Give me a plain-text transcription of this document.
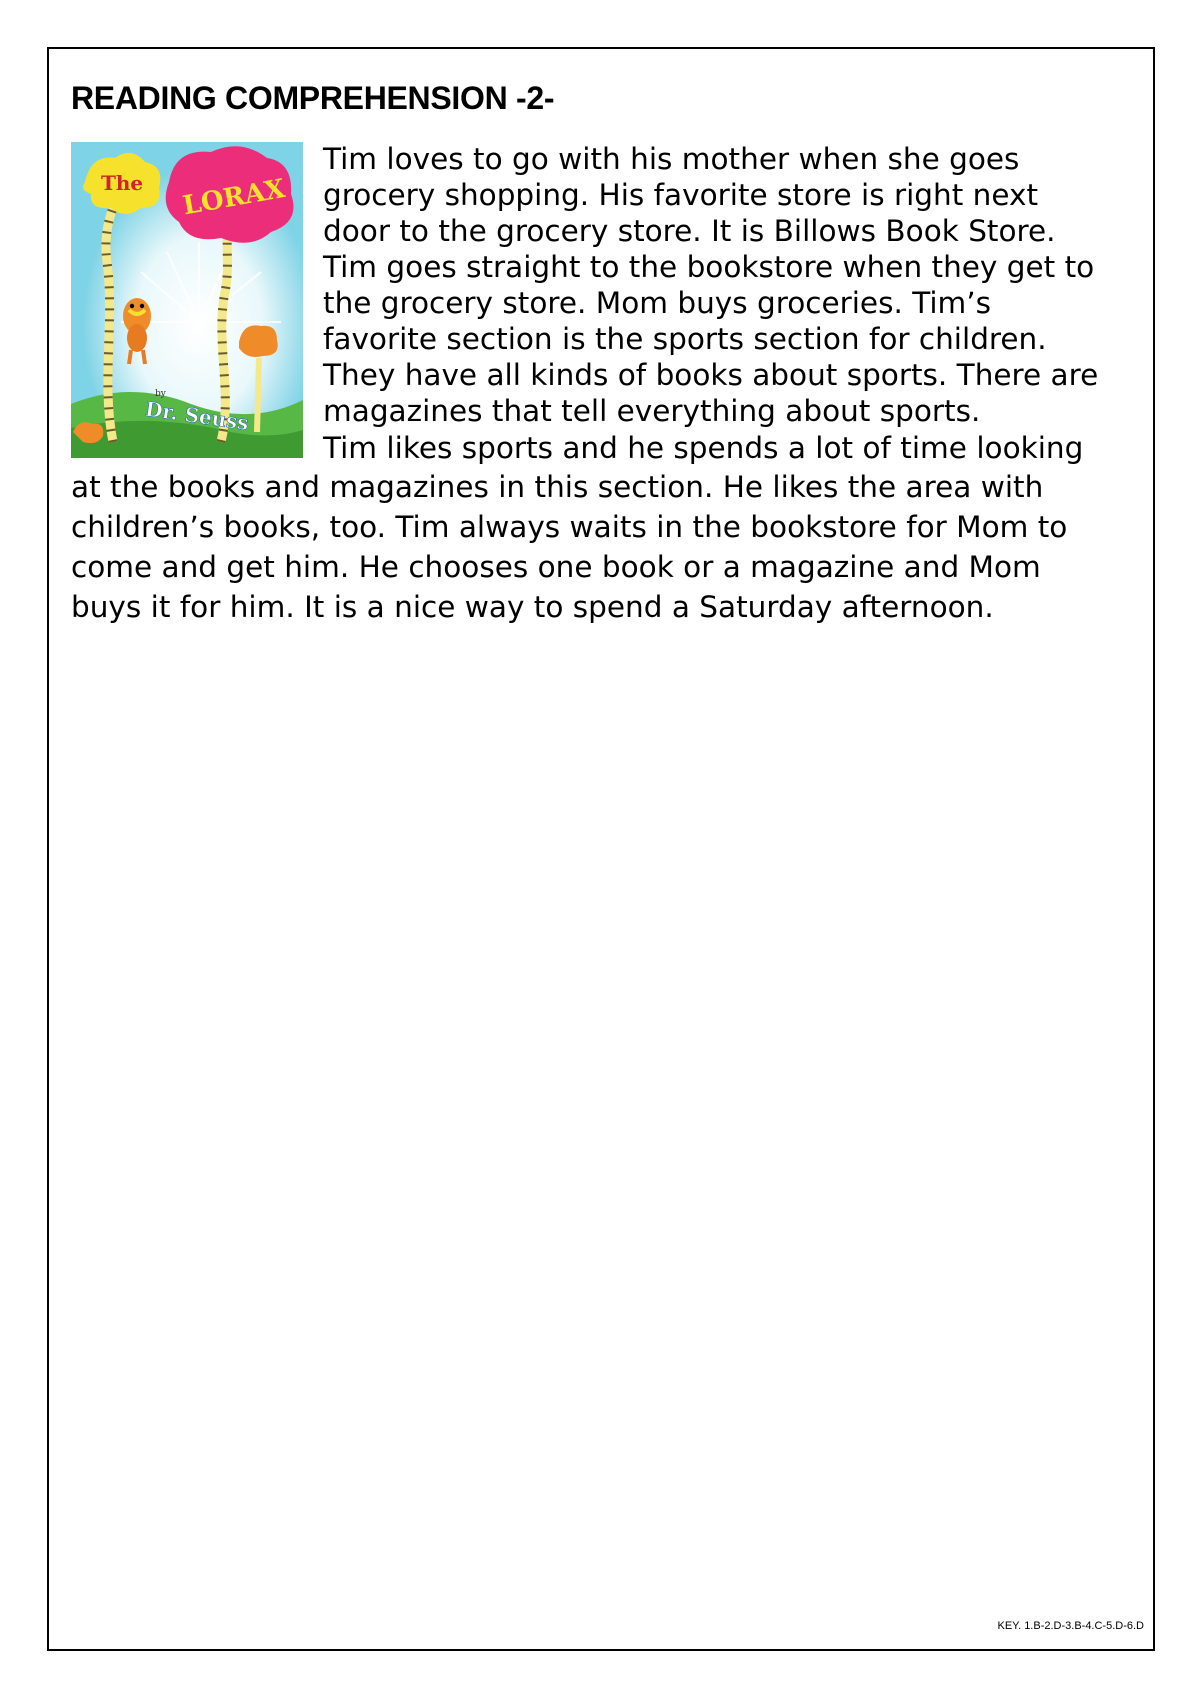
READING COMPREHENSION -2-
The LORAX
by
Dr. Seuss

Tim loves to go with his mother when she goes

grocery shopping. His favorite store is right next

door to the grocery store. It is Billows Book Store.

Tim goes straight to the bookstore when they get to

the grocery store. Mom buys groceries. Tim’s

favorite section is the sports section for children.

They have all kinds of books about sports. There are

magazines that tell everything about sports.

Tim likes sports and he spends a lot of time looking

at the books and magazines in this section. He likes the area with

children’s books, too. Tim always waits in the bookstore for Mom to

come and get him. He chooses one book or a magazine and Mom

buys it for him. It is a nice way to spend a Saturday afternoon.

KEY. 1.B-2.D-3.B-4.C-5.D-6.D
